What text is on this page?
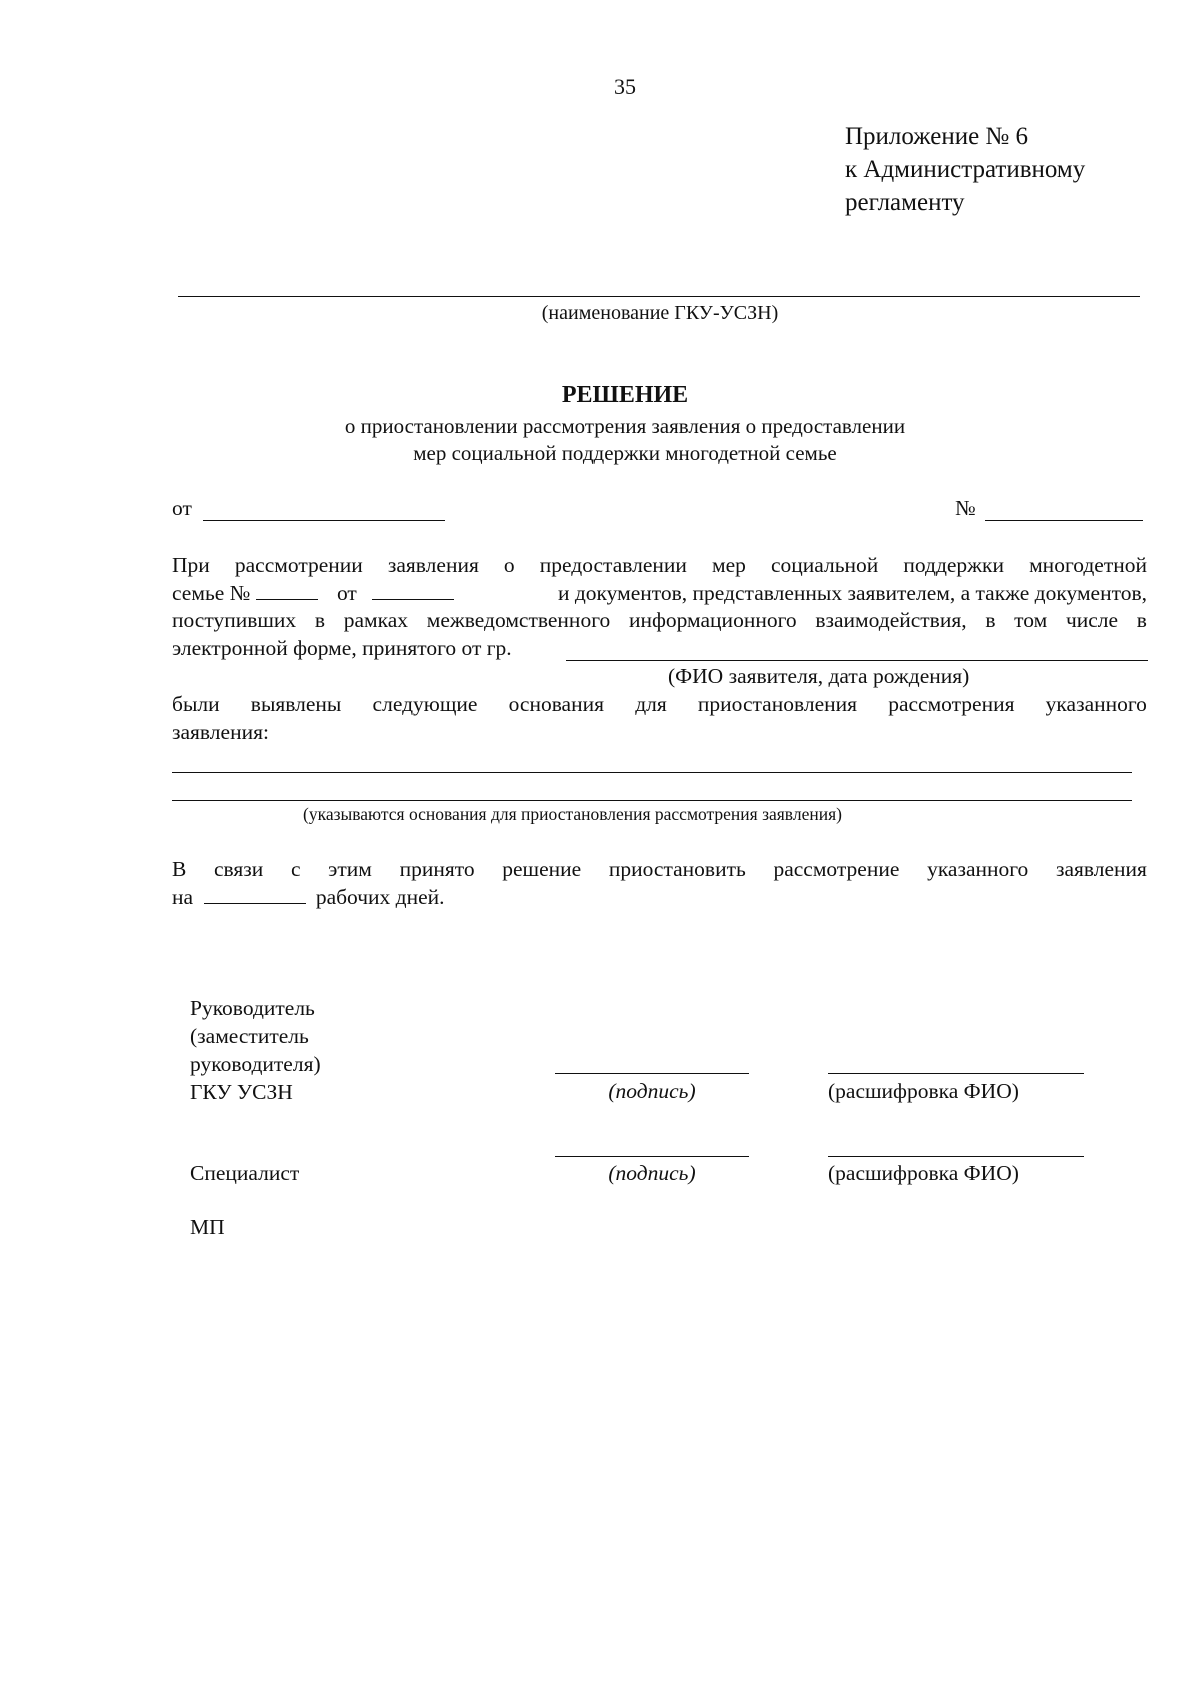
35
Приложение № 6
к Административному
регламенту
(наименование ГКУ-УСЗН)
РЕШЕНИЕ
о приостановлении рассмотрения заявления о предоставлении
мер социальной поддержки многодетной семье
от	№
При рассмотрении заявления о предоставлении мер социальной поддержки многодетной
семье №	от	и документов, представленных заявителем, а также документов,
поступивших в рамках межведомственного информационного взаимодействия, в том числе в
электронной форме, принятого от гр.
(ФИО заявителя, дата рождения)
были выявлены следующие основания для приостановления рассмотрения указанного
заявления:
(указываются основания для приостановления рассмотрения заявления)
В связи с этим принято решение приостановить рассмотрение указанного заявления
на	рабочих дней.
Руководитель
(заместитель
руководителя)
ГКУ УСЗН	(подпись)	(расшифровка ФИО)
Специалист	(подпись)	(расшифровка ФИО)
МП
